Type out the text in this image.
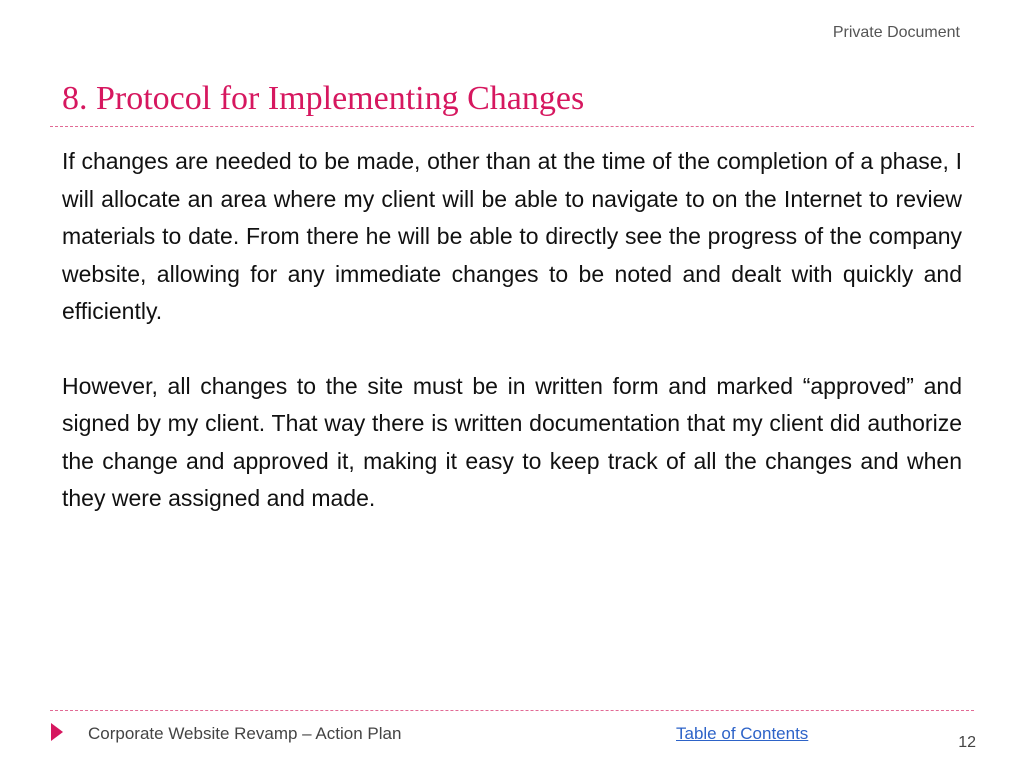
Private Document
8. Protocol for Implementing Changes

If changes are needed to be made, other than at the time of the completion of a phase, I will allocate an area where my client will be able to navigate to on the Internet to review materials to date. From there he will be able to directly see the progress of the company website, allowing for any immediate changes to be noted and dealt with quickly and efficiently.

However, all changes to the site must be in written form and marked “approved” and signed by my client. That way there is written documentation that my client did authorize the change and approved it, making it easy to keep track of all the changes and when they were assigned and made.

Corporate Website Revamp – Action Plan	Table of Contents	12
